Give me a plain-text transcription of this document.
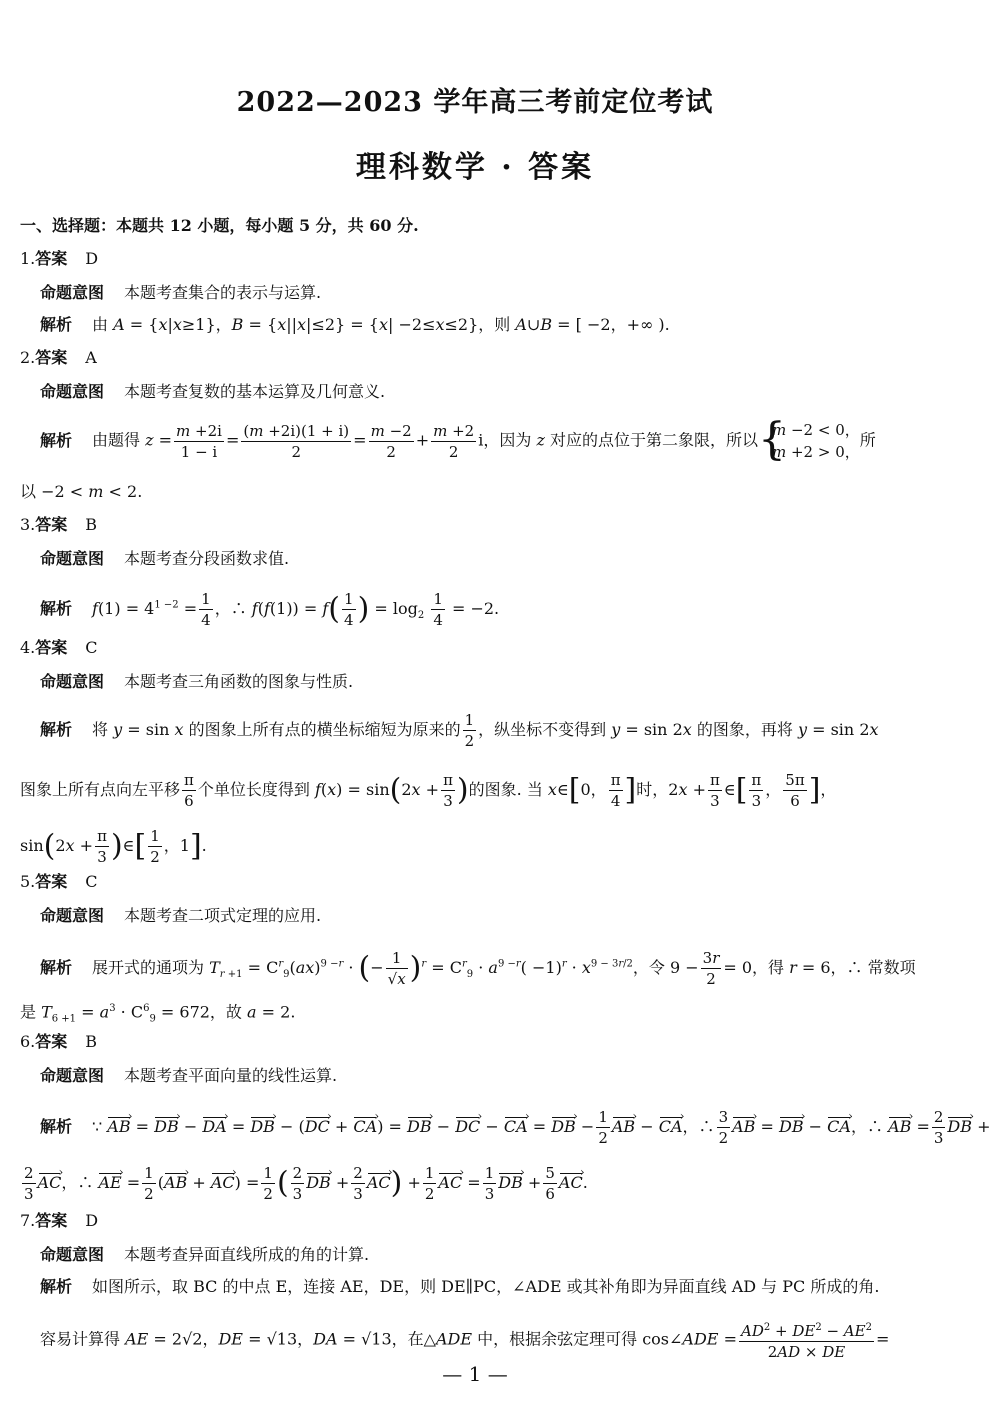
2022—2023 学年高三考前定位考试
理科数学 · 答案
一、选择题：本题共 12 小题，每小题 5 分，共 60 分.
1.答案 D
命题意图 本题考查集合的表示与运算.
解析 由 A = {x|x≥1}，B = {x||x|≤2} = {x| −2≤x≤2}，则 A∪B = [ −2，+∞ ).
2.答案 A
命题意图 本题考查复数的基本运算及几何意义.
解析 由题得 $z = \frac{m +2i}{1 - i} = \frac{(m +2i)(1 + i)}{2} = \frac{m -2}{2} + \frac{m +2}{2}$ i，因为 z 对应的点位于第二象限，所以
{ m −2 < 0，
m +2 > 0，
所
以 −2 < m < 2.
3.答案 B
命题意图 本题考查分段函数求值.
解析 $f(1) = 4^{1 -2} = \frac{1}{4}$ ，∴ $f(f(1)) = f( \frac{1}{4}$ ) = $\log_2 \frac{1}{4} = -2$.
4.答案 C
命题意图 本题考查三角函数的图象与性质.
解析 将 y = sin x 的图象上所有点的横坐标缩短为原来的 $\frac{1}{2}$ ，纵坐标不变得到 y = sin 2x 的图象，再将 y = sin 2x
图象上所有点向左平移 $\frac{\pi}{6}$ 个单位长度得到 $f(x) = \sin(2x + \frac{\pi}{3}$ )的图象. 当 x∈[0， $\frac{\pi}{4}$ ]时，$2x + \frac{\pi}{3}$ ∈[ $\frac{\pi}{3}$ ， $\frac{5\pi}{6}$ ]，
$\sin(2x + \frac{\pi}{3}$ )∈[ $\frac{1}{2}$ ，1].
5.答案 C
命题意图 本题考查二项式定理的应用.
解析 展开式的通项为 $T_{r +1} = C^r_9(ax)^{9 -r}$ · (− $\frac{1}{√x} )^r = C^r_9 \cdot a^{9 -r}( -1)^r \cdot x^{9 - 3r/2}$，令 $9 - \frac{3r}{2} = 0$，得 r = 6，∴ 常数项
是 $T_{6 +1} = a^3 \cdot C^6_9 = 672$，故 a = 2.
6.答案 B
命题意图 本题考查平面向量的线性运算.
解析 ∵ AB › = DB › − DA › = DB › − (DC › + CA ›) = DB › − DC › − CA › = DB › − $\frac{1}{2}$ AB › − CA ›，∴ $\frac{3}{2}$ AB › = DB › − CA ›，∴ AB › = $\frac{2}{3}$ DB › +
$\frac{2}{3}$ AC ›，∴ AE › = $\frac{1}{2} (AB$ › + AC ›) = $\frac{1}{2}$ ( $\frac{2}{3}$ DB › + $\frac{2}{3}$ AC ›) + $\frac{1}{2}$ AC › = $\frac{1}{3}$ DB › + $\frac{5}{6}$ AC ›.
7.答案 D
命题意图 本题考查异面直线所成的角的计算.
解析 如图所示，取 BC 的中点 E，连接 AE，DE，则 DE∥PC，∠ADE 或其补角即为异面直线 AD 与 PC 所成的角.
容易计算得 AE = 2√2，DE = √13，DA = √13，在△ADE 中，根据余弦定理可得 cos∠ADE = $\frac{AD^2 + DE^2 - AE^2}{2AD \times DE}$ =
— 1 —
